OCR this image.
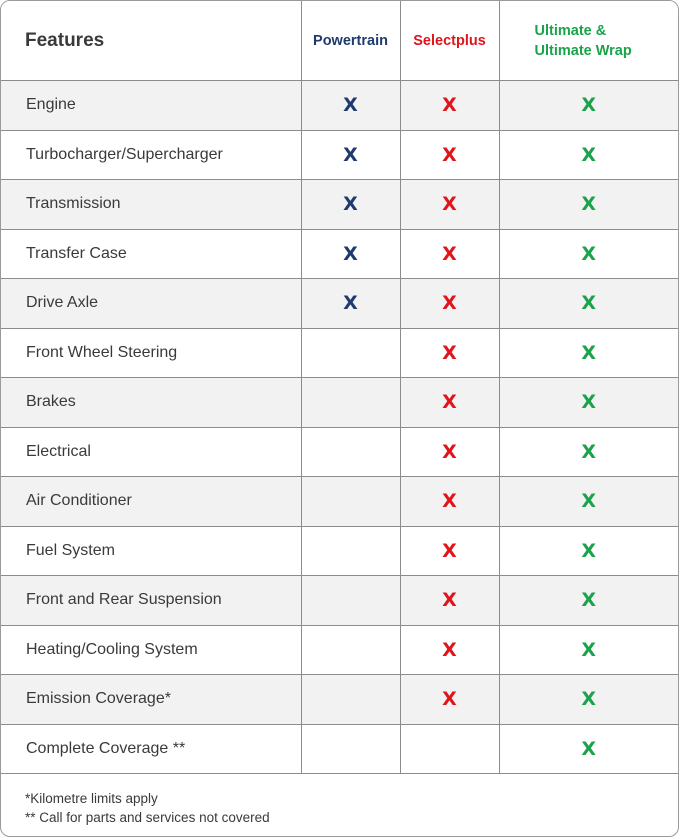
Features	Powertrain	Selectplus	Ultimate &
Ultimate Wrap
Engine	X	X	X
Turbocharger/Supercharger	X	X	X
Transmission	X	X	X
Transfer Case	X	X	X
Drive Axle	X	X	X
Front Wheel Steering		X	X
Brakes		X	X
Electrical		X	X
Air Conditioner		X	X
Fuel System		X	X
Front and Rear Suspension		X	X
Heating/Cooling System		X	X
Emission Coverage*		X	X
Complete Coverage **			X
*Kilometre limits apply
** Call for parts and services not covered
